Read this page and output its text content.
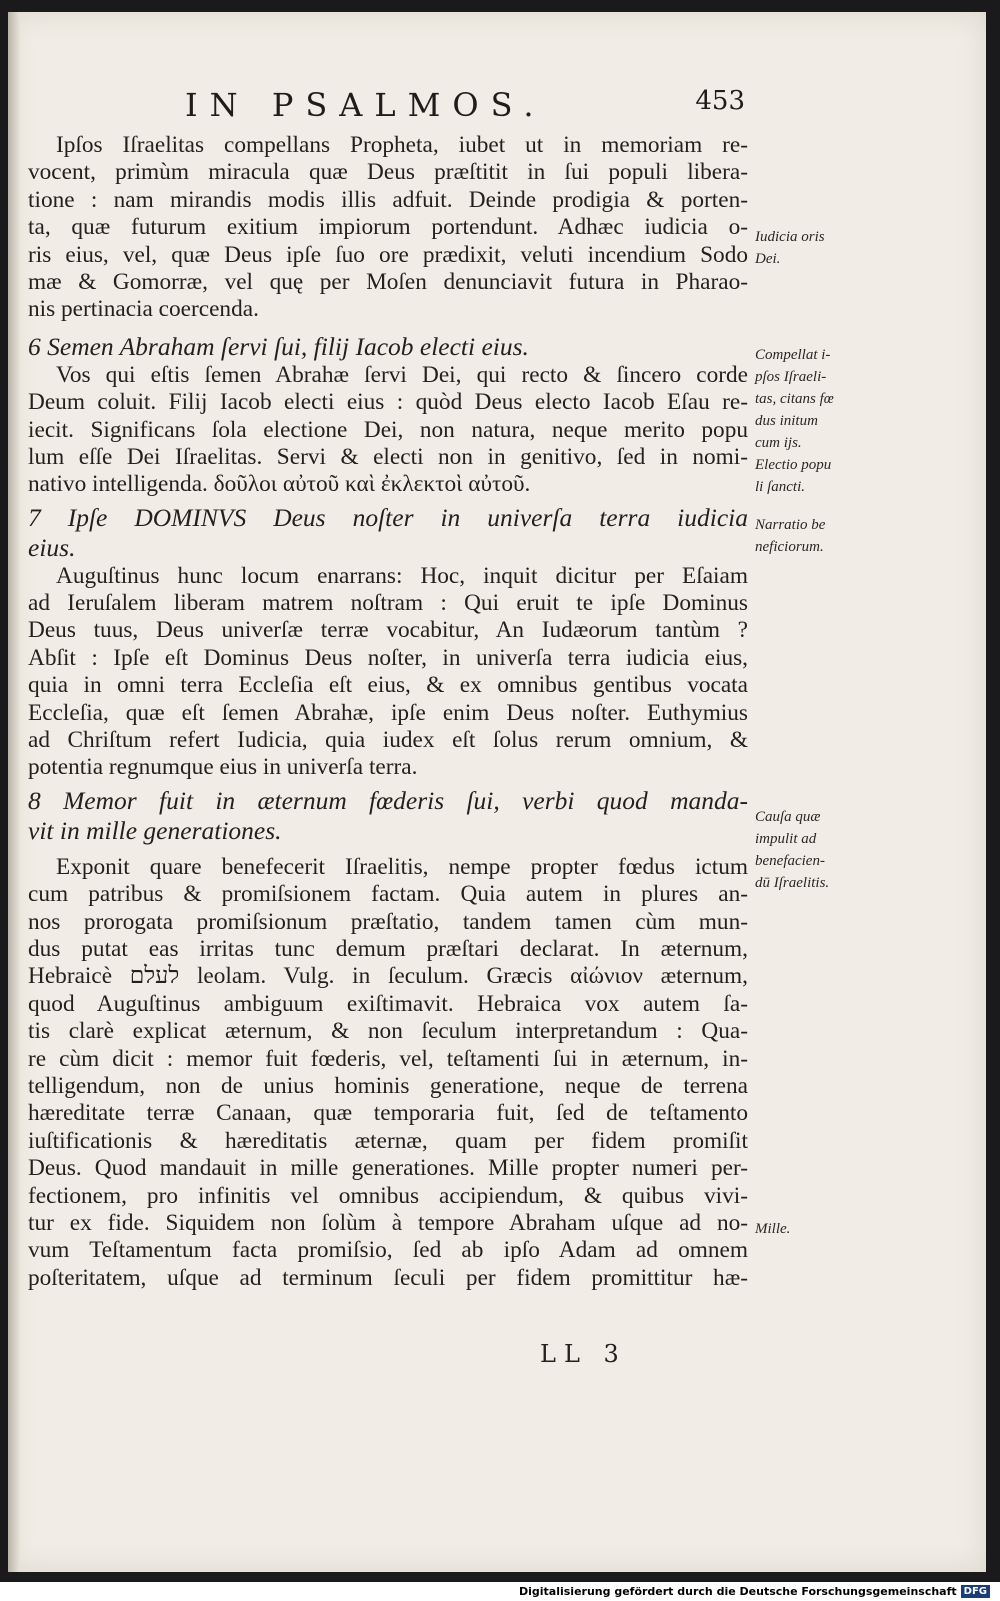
IN PSALMOS.	453
Ipſos Iſraelitas compellans Propheta, iubet ut in memoriam re-
vocent, primùm miracula quæ Deus præſtitit in ſui populi libera-
tione : nam mirandis modis illis adfuit. Deinde prodigia & porten-
ta, quæ futurum exitium impiorum portendunt. Adhæc iudicia o-
ris eius, vel, quæ Deus ipſe ſuo ore prædixit, veluti incendium Sodo
mæ & Gomorræ, vel quę per Moſen denunciavit futura in Pharao-
nis pertinacia coercenda.
6 Semen Abraham ſervi ſui, filij Iacob electi eius.
Vos qui eſtis ſemen Abrahæ ſervi Dei, qui recto & ſincero corde
Deum coluit. Filij Iacob electi eius : quòd Deus electo Iacob Eſau re-
iecit. Significans ſola electione Dei, non natura, neque merito popu
lum eſſe Dei Iſraelitas. Servi & electi non in genitivo, ſed in nomi-
nativo intelligenda. δοῦλοι αὐτοῦ καὶ ἐκλεκτοὶ αὐτοῦ.
7 Ipſe DOMINVS Deus noſter in univerſa terra iudicia
eius.
Auguſtinus hunc locum enarrans: Hoc, inquit dicitur per Eſaiam
ad Ieruſalem liberam matrem noſtram : Qui eruit te ipſe Dominus
Deus tuus, Deus univerſæ terræ vocabitur, An Iudæorum tantùm ?
Abſit : Ipſe eſt Dominus Deus noſter, in univerſa terra iudicia eius,
quia in omni terra Eccleſia eſt eius, & ex omnibus gentibus vocata
Eccleſia, quæ eſt ſemen Abrahæ, ipſe enim Deus noſter. Euthymius
ad Chriſtum refert Iudicia, quia iudex eſt ſolus rerum omnium, &
potentia regnumque eius in univerſa terra.
8 Memor fuit in æternum fœderis ſui, verbi quod manda-
vit in mille generationes.
Exponit quare benefecerit Iſraelitis, nempe propter fœdus ictum
cum patribus & promiſsionem factam. Quia autem in plures an-
nos prorogata promiſsionum præſtatio, tandem tamen cùm mun-
dus putat eas irritas tunc demum præſtari declarat. In æternum,
Hebraicè לעלם leolam. Vulg. in ſeculum. Græcis αἰώνιον æternum,
quod Auguſtinus ambiguum exiſtimavit. Hebraica vox autem ſa-
tis clarè explicat æternum, & non ſeculum interpretandum : Qua-
re cùm dicit : memor fuit fœderis, vel, teſtamenti ſui in æternum, in-
telligendum, non de unius hominis generatione, neque de terrena
hæreditate terræ Canaan, quæ temporaria fuit, ſed de teſtamento
iuſtificationis & hæreditatis æternæ, quam per fidem promiſit
Deus. Quod mandauit in mille generationes. Mille propter numeri per-
fectionem, pro infinitis vel omnibus accipiendum, & quibus vivi-
tur ex fide. Siquidem non ſolùm à tempore Abraham uſque ad no-
vum Teſtamentum facta promiſsio, ſed ab ipſo Adam ad omnem
poſteritatem, uſque ad terminum ſeculi per fidem promittitur hæ-
Iudicia oris
Dei.
Compellat i-
pſos Iſraeli-
tas, citans fœ
dus initum
cum ijs.
Electio popu
li ſancti.
Narratio be
neficiorum.
Cauſa quæ
impulit ad
benefacien-
dū Iſraelitis.
Mille.
LL 3
Digitalisierung gefördert durch die Deutsche Forschungsgemeinschaft DFG
